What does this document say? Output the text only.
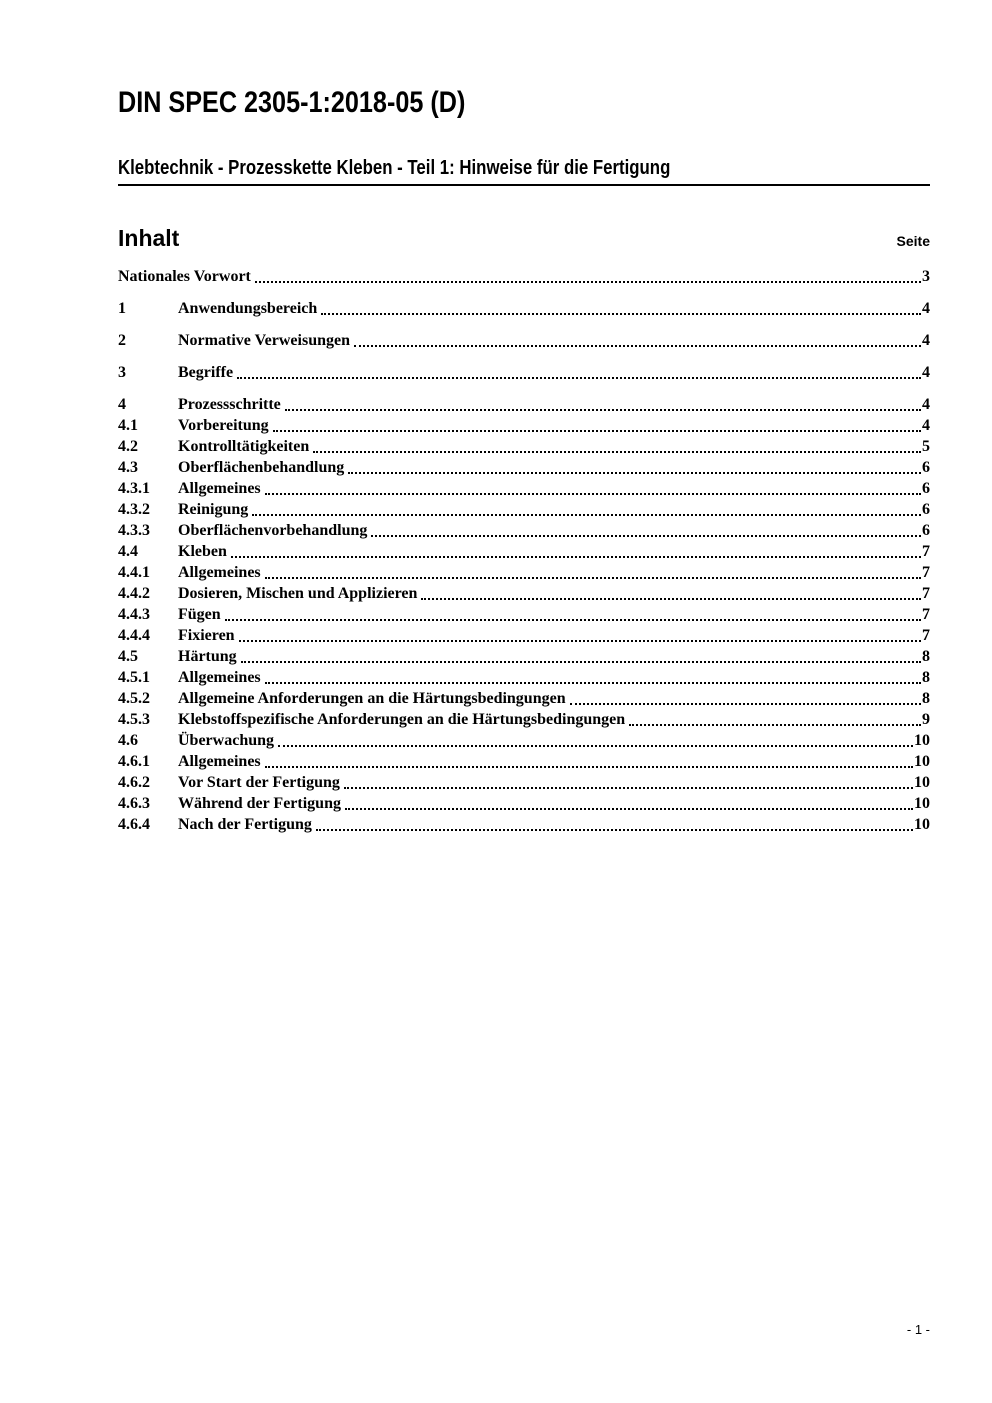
DIN SPEC 2305-1:2018-05 (D)
Klebtechnik - Prozesskette Kleben - Teil 1: Hinweise für die Fertigung
Inhalt	Seite
Nationales Vorwort	3
1	Anwendungsbereich	4
2	Normative Verweisungen	4
3	Begriffe	4
4	Prozessschritte	4
4.1	Vorbereitung	4
4.2	Kontrolltätigkeiten	5
4.3	Oberflächenbehandlung	6
4.3.1	Allgemeines	6
4.3.2	Reinigung	6
4.3.3	Oberflächenvorbehandlung	6
4.4	Kleben	7
4.4.1	Allgemeines	7
4.4.2	Dosieren, Mischen und Applizieren	7
4.4.3	Fügen	7
4.4.4	Fixieren	7
4.5	Härtung	8
4.5.1	Allgemeines	8
4.5.2	Allgemeine Anforderungen an die Härtungsbedingungen	8
4.5.3	Klebstoffspezifische Anforderungen an die Härtungsbedingungen	9
4.6	Überwachung	10
4.6.1	Allgemeines	10
4.6.2	Vor Start der Fertigung	10
4.6.3	Während der Fertigung	10
4.6.4	Nach der Fertigung	10
- 1 -
